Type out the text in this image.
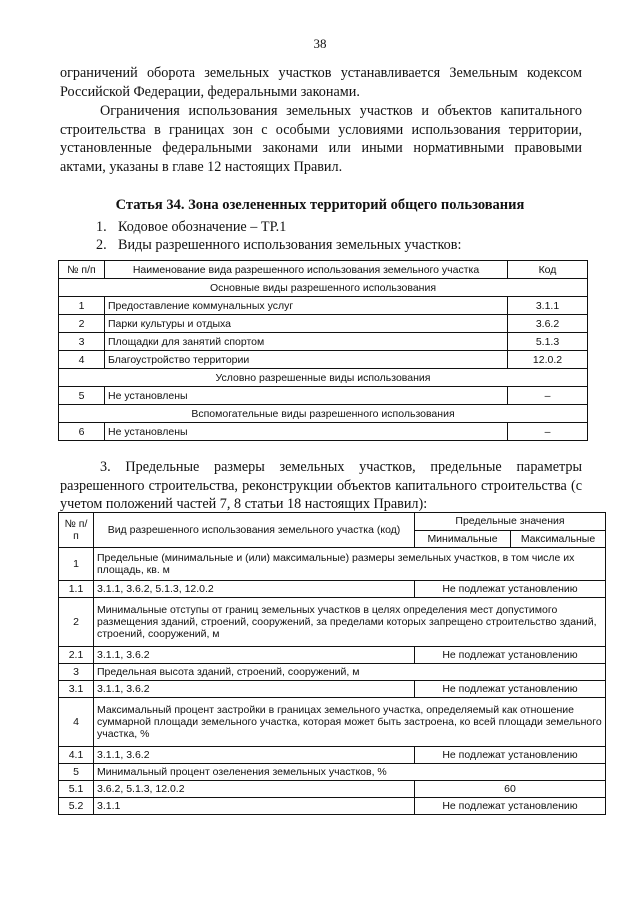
38

ограничений оборота земельных участков устанавливается Земельным кодексом Российской Федерации, федеральными законами.

Ограничения использования земельных участков и объектов капитального строительства в границах зон с особыми условиями использования территории, установленные федеральными законами или иными нормативными правовыми актами, указаны в главе 12 настоящих Правил.

Статья 34. Зона озелененных территорий общего пользования
1. Кодовое обозначение – ТР.1
2. Виды разрешенного использования земельных участков:
№ п/п	Наименование вида разрешенного использования земельного участка	Код
Основные виды разрешенного использования		
1	Предоставление коммунальных услуг	3.1.1
2	Парки культуры и отдыха	3.6.2
3	Площадки для занятий спортом	5.1.3
4	Благоустройство территории	12.0.2
Условно разрешенные виды использования		
5	Не установлены	–
Вспомогательные виды разрешенного использования		
6	Не установлены	–

3. Предельные размеры земельных участков, предельные параметры разрешенного строительства, реконструкции объектов капитального строительства (с учетом положений частей 7, 8 статьи 18 настоящих Правил):

№ п/п	Вид разрешенного использования земельного участка (код)	Предельные значения	
		Минимальные	Максимальные
1	Предельные (минимальные и (или) максимальные) размеры земельных участков, в том числе их площадь, кв. м		
1.1	3.1.1, 3.6.2, 5.1.3, 12.0.2	Не подлежат установлению	
2	Минимальные отступы от границ земельных участков в целях определения мест допустимого размещения зданий, строений, сооружений, за пределами которых запрещено строительство зданий, строений, сооружений, м		
2.1	3.1.1, 3.6.2	Не подлежат установлению	
3	Предельная высота зданий, строений, сооружений, м		
3.1	3.1.1, 3.6.2	Не подлежат установлению	
4	Максимальный процент застройки в границах земельного участка, определяемый как отношение суммарной площади земельного участка, которая может быть застроена, ко всей площади земельного участка, %		
4.1	3.1.1, 3.6.2	Не подлежат установлению	
5	Минимальный процент озеленения земельных участков, %		
5.1	3.6.2, 5.1.3, 12.0.2	60	
5.2	3.1.1	Не подлежат установлению	
